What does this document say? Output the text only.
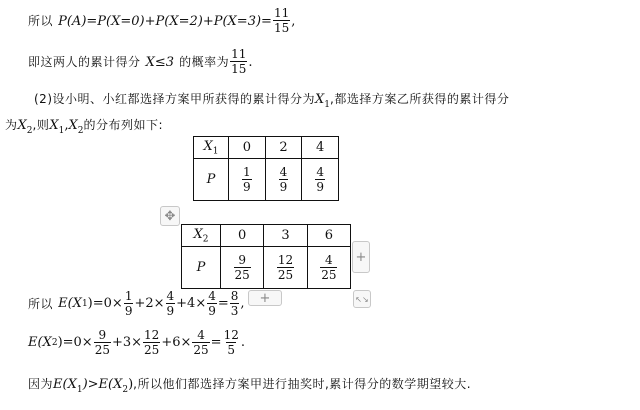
所以 $P(A)=P(X=0)+P(X=2)+P(X=3)= \frac{11}{15}$ ,
即这两人的累计得分 X≤3 的概率为 $\frac{11}{15}$ .
(2)设小明、小红都选择方案甲所获得的累计得分为$X_1$,都选择方案乙所获得的累计得分
为$X_2$,则$X_1,X_2$的分布列如下:
$X_1$	0	2	4
P	$\frac{1}{9}$	$\frac{4}{9}$	$\frac{4}{9}$
✥
$X_2$	0	3	6
P	$\frac{9}{25}$	$\frac{12}{25}$	$\frac{4}{25}$ +
+	↖↘
所以
E(X 1 ) $=0\times \frac{1}{9} +2\times \frac{4}{9} +4\times \frac{4}{9} = \frac{8}{3}$ ,
E(X 2 ) $=0\times \frac{9}{25} +3\times \frac{12}{25} +6\times \frac{4}{25} = \frac{12}{5}$ .
因为$E(X_1)>E(X_2)$,所以他们都选择方案甲进行抽奖时,累计得分的数学期望较大.
